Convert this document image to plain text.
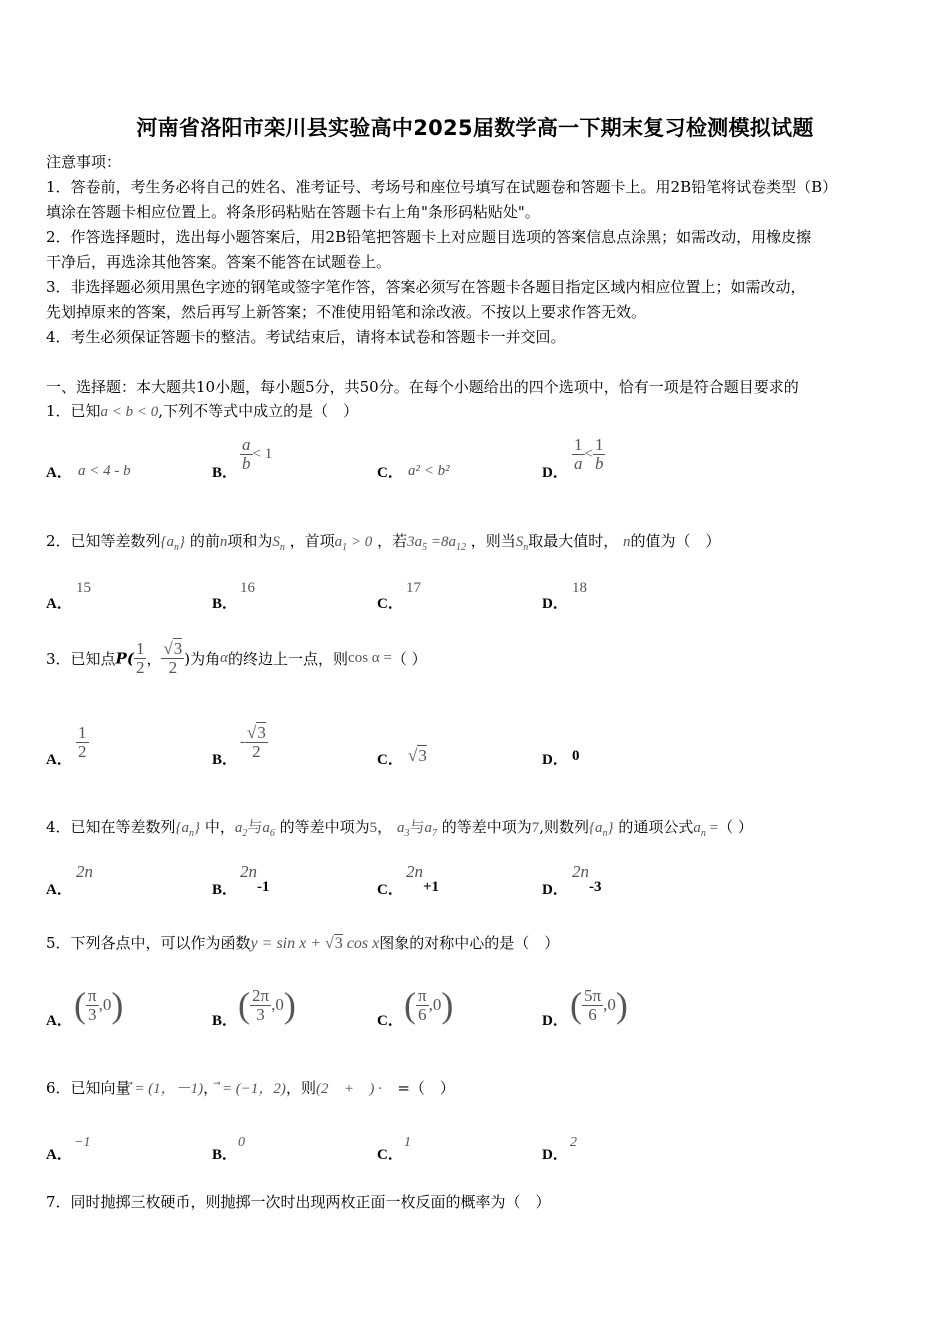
河南省洛阳市栾川县实验高中2025届数学高一下期末复习检测模拟试题
注意事项：
1．答卷前，考生务必将自己的姓名、准考证号、考场号和座位号填写在试题卷和答题卡上。用2B铅笔将试卷类型（B）
填涂在答题卡相应位置上。将条形码粘贴在答题卡右上角"条形码粘贴处"。
2．作答选择题时，选出每小题答案后，用2B铅笔把答题卡上对应题目选项的答案信息点涂黑；如需改动，用橡皮擦
干净后，再选涂其他答案。答案不能答在试题卷上。
3．非选择题必须用黑色字迹的钢笔或签字笔作答，答案必须写在答题卡各题目指定区域内相应位置上；如需改动，
先划掉原来的答案，然后再写上新答案；不准使用铅笔和涂改液。不按以上要求作答无效。
4．考生必须保证答题卡的整洁。考试结束后，请将本试卷和答题卡一并交回。
一、选择题：本大题共10小题，每小题5分，共50分。在每个小题给出的四个选项中，恰有一项是符合题目要求的
1．已知a < b < 0,下列不等式中成立的是（　）
A． a < 4 - b	B． $\frac{a}{b} < 1$
C． a² < b²	D． $\frac{1}{a} < \frac{1}{b}$
2．已知等差数列$\{a_n\}$ 的前n项和为$S_n$ ，首项$a_1 > 0$ ，若$3a_5 =8a_{12}$ ，则当$S_n$取最大值时， n的值为（　）
A．
15
B．
16
C．
17
D．
18
3．已知点$P( \frac{1}{2}$ ， $\frac{√3}{2}$ )为角α的终边上一点，则cos α =（ ）
A． $\frac{1}{2}$	B．
- $\frac{√3}{2}$	C． √3	D． 0
4．已知在等差数列$\{a_n\}$ 中，$a_2$与$a_6$ 的等差中项为5， $a_3$与$a_7$ 的等差中项为7,则数列$\{a_n\}$ 的通项公式$a_n$ =（ ）
A．
2n
B．
2n-1	C．
2n+1	D．
2n-3
5．下列各点中，可以作为函数y = sin x + √3 cos x图象的对称中心的是（　）
A． ( $\frac{\pi}{3} ,0$)	B． ( $\frac{2\pi}{3} ,0$)	C． ( $\frac{\pi}{6} ,0$)	D． ( $\frac{5\pi}{6} ,0$)
6．已知向量⃗ = (1，－1)，⃗ = (−1，2)，则(2⃗ + ⃗) · ⃗=（　）
A．
−1
B．
0
C．
1
D．
2
7．同时抛掷三枚硬币，则抛掷一次时出现两枚正面一枚反面的概率为（　）
